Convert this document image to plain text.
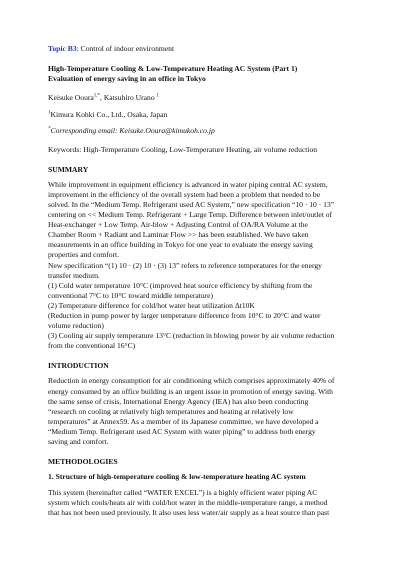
Topic B3: Control of indoor environment

High-Temperature Cooling & Low-Temperature Heating AC System (Part 1)
Evaluation of energy saving in an office in Tokyo

Keisuke Ooura$^{1,*}$, Katsuhiro Urano $^1$

$^1$Kimura Kohki Co., Ltd., Osaka, Japan

*Corresponding email: Keisuke.Ooura@kimukoh.co.jp

Keywords: High-Temperature Cooling, Low-Temperature Heating, air volume reduction

SUMMARY
While improvement in equipment efficiency is advanced in water piping central AC system,
improvement in the efficiency of the overall system had been a problem that needed to be
solved. In the “Medium Temp. Refrigerant used AC System,” new specification “10 · 10 · 13”
centering on << Medium Temp. Refrigerant + Large Temp. Difference between inlet/outlet of
Heat-exchanger + Low Temp. Air-blow + Adjusting Control of OA/RA Volume at the
Chamber Room + Radiant and Laminar Flow >> has been established. We have taken
measurements in an office building in Tokyo for one year to evaluate the energy saving
properties and comfort.
New specification “(1) 10 · (2) 10 · (3) 13” refers to reference temperatures for the energy
transfer medium.
(1) Cold water temperature 10°C (improved heat source efficiency by shifting from the
conventional 7°C to 10°C toward middle temperature)
(2) Temperature difference for cold/hot water heat utilization Δt10K
(Reduction in pump power by larger temperature difference from 10°C to 20°C and water
volume reduction)
(3) Cooling air supply temperature 13°C (reduction in blowing power by air volume reduction
from the conventional 16°C)
INTRODUCTION
Reduction in energy consumption for air conditioning which comprises approximately 40% of
energy consumed by an office building is an urgent issue in promotion of energy saving. With
the same sense of crisis, International Energy Agency (IEA) has also been conducting
“research on cooling at relatively high temperatures and heating at relatively low
temperatures” at Annex59. As a member of its Japanese committee, we have developed a
“Medium Temp. Refrigerant used AC System with water piping” to address both energy
saving and comfort.
METHODOLOGIES
1. Structure of high-temperature cooling & low-temperature heating AC system
This system (hereinafter called “WATER EXCEL”) is a highly efficient water piping AC
system which cools/heats air with cold/hot water in the middle-temperature range, a method
that has not been used previously. It also uses less water/air supply as a heat source than past
